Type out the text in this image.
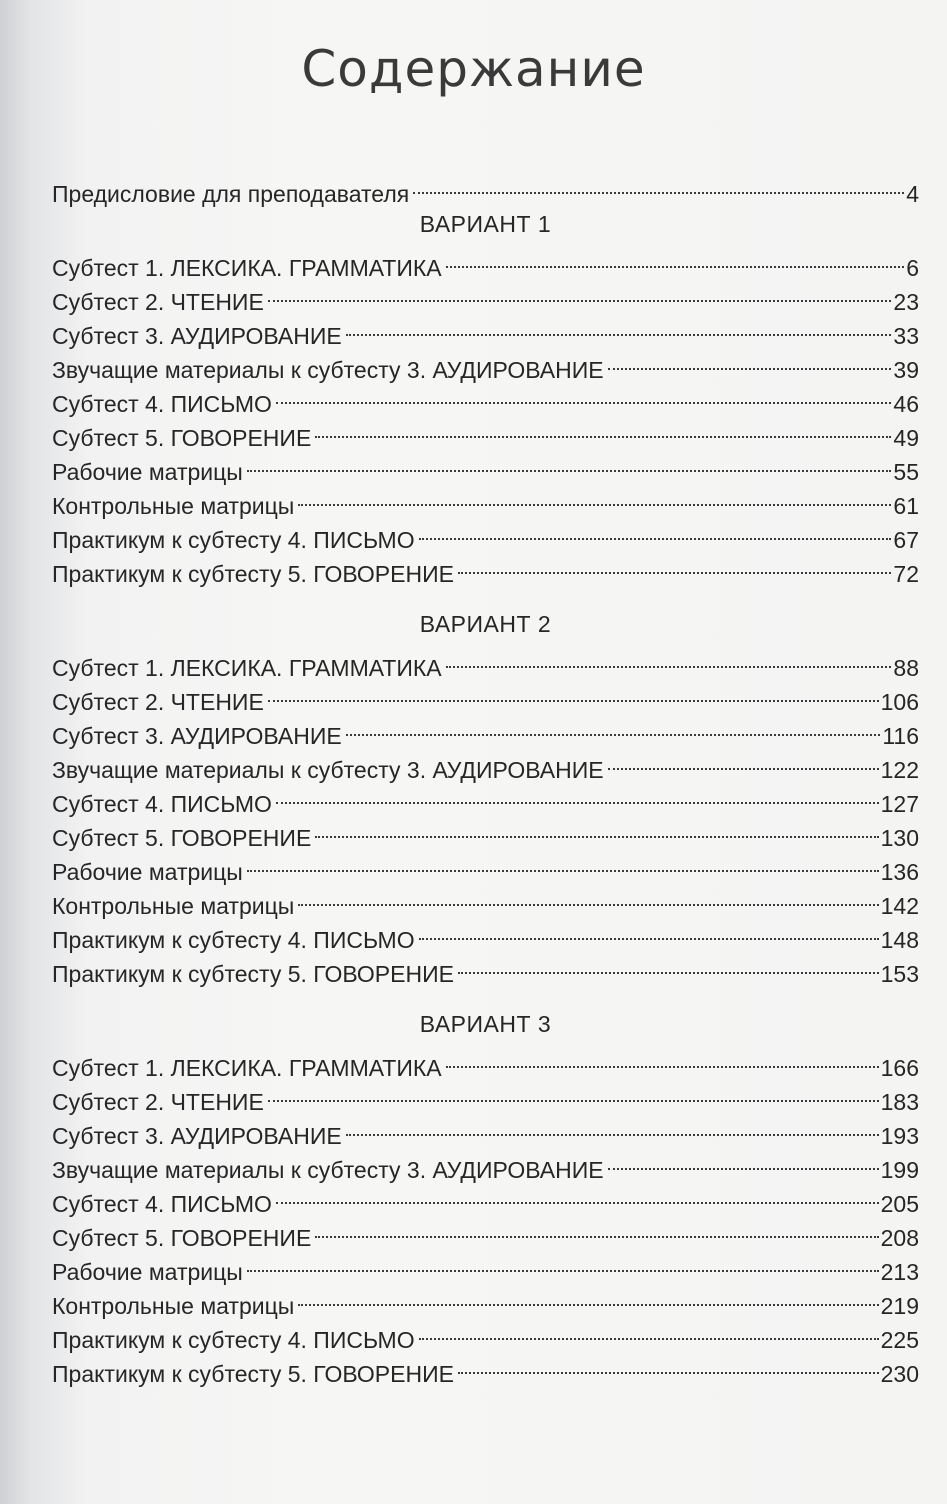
Содержание
Предисловие для преподавателя	4
ВАРИАНТ 1
Субтест 1. ЛЕКСИКА. ГРАММАТИКА	6
Субтест 2. ЧТЕНИЕ	23
Субтест 3. АУДИРОВАНИЕ	33
Звучащие материалы к субтесту 3. АУДИРОВАНИЕ	39
Субтест 4. ПИСЬМО	46
Субтест 5. ГОВОРЕНИЕ	49
Рабочие матрицы	55
Контрольные матрицы	61
Практикум к субтесту 4. ПИСЬМО	67
Практикум к субтесту 5. ГОВОРЕНИЕ	72
ВАРИАНТ 2
Субтест 1. ЛЕКСИКА. ГРАММАТИКА	88
Субтест 2. ЧТЕНИЕ	106
Субтест 3. АУДИРОВАНИЕ	116
Звучащие материалы к субтесту 3. АУДИРОВАНИЕ	122
Субтест 4. ПИСЬМО	127
Субтест 5. ГОВОРЕНИЕ	130
Рабочие матрицы	136
Контрольные матрицы	142
Практикум к субтесту 4. ПИСЬМО	148
Практикум к субтесту 5. ГОВОРЕНИЕ	153
ВАРИАНТ 3
Субтест 1. ЛЕКСИКА. ГРАММАТИКА	166
Субтест 2. ЧТЕНИЕ	183
Субтест 3. АУДИРОВАНИЕ	193
Звучащие материалы к субтесту 3. АУДИРОВАНИЕ	199
Субтест 4. ПИСЬМО	205
Субтест 5. ГОВОРЕНИЕ	208
Рабочие матрицы	213
Контрольные матрицы	219
Практикум к субтесту 4. ПИСЬМО	225
Практикум к субтесту 5. ГОВОРЕНИЕ	230
